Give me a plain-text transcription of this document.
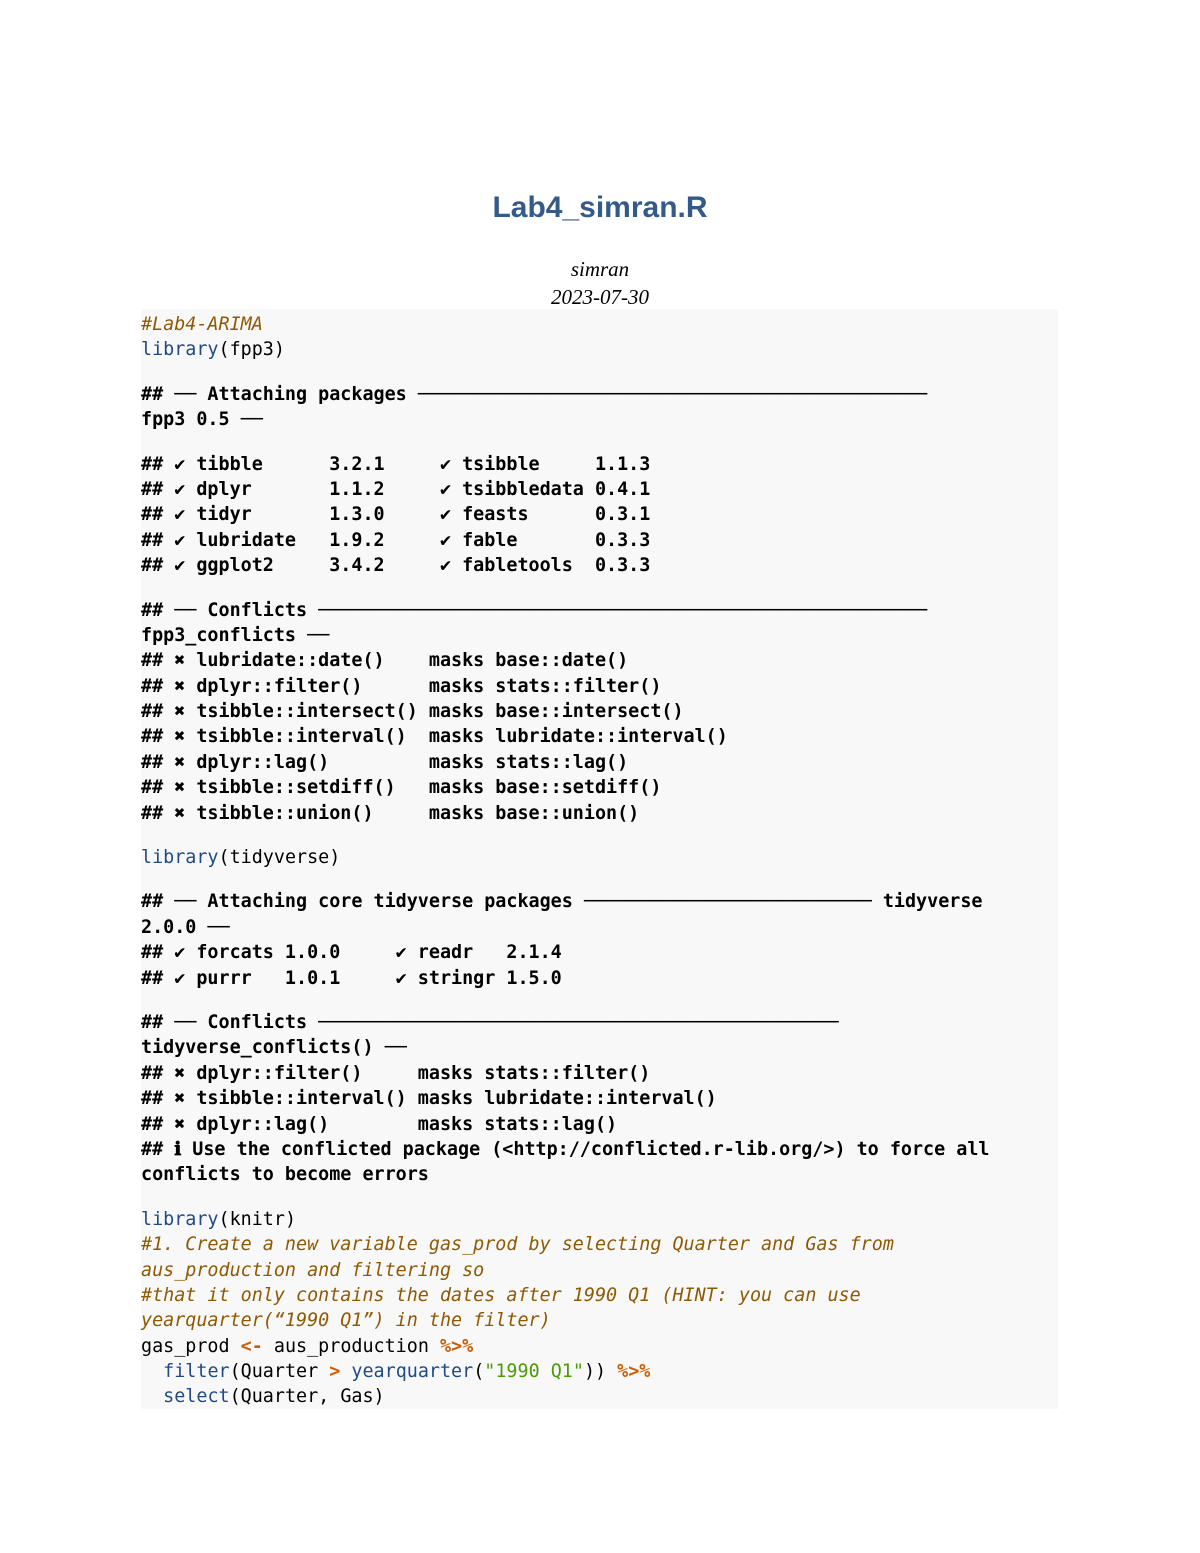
Lab4_simran.R

simran

2023-07-30

#Lab4-ARIMA
library(fpp3)
## ── Attaching packages ──────────────────────────────────────────────
fpp3 0.5 ──
## ✔ tibble      3.2.1     ✔ tsibble     1.1.3
## ✔ dplyr       1.1.2     ✔ tsibbledata 0.4.1
## ✔ tidyr       1.3.0     ✔ feasts      0.3.1
## ✔ lubridate   1.9.2     ✔ fable       0.3.3
## ✔ ggplot2     3.4.2     ✔ fabletools  0.3.3
## ── Conflicts ───────────────────────────────────────────────────────
fpp3_conflicts ──
## ✖ lubridate::date()    masks base::date()
## ✖ dplyr::filter()      masks stats::filter()
## ✖ tsibble::intersect() masks base::intersect()
## ✖ tsibble::interval()  masks lubridate::interval()
## ✖ dplyr::lag()         masks stats::lag()
## ✖ tsibble::setdiff()   masks base::setdiff()
## ✖ tsibble::union()     masks base::union()
library(tidyverse)
## ── Attaching core tidyverse packages ────────────────────────── tidyverse
2.0.0 ──
## ✔ forcats 1.0.0     ✔ readr   2.1.4
## ✔ purrr   1.0.1     ✔ stringr 1.5.0
## ── Conflicts ───────────────────────────────────────────────
tidyverse_conflicts() ──
## ✖ dplyr::filter()     masks stats::filter()
## ✖ tsibble::interval() masks lubridate::interval()
## ✖ dplyr::lag()        masks stats::lag()
## ℹ Use the conflicted package (<http://conflicted.r-lib.org/>) to force all
conflicts to become errors
library(knitr)
#1. Create a new variable gas_prod by selecting Quarter and Gas from
aus_production and filtering so
#that it only contains the dates after 1990 Q1 (HINT: you can use
yearquarter(“1990 Q1”) in the filter)
gas_prod <- aus_production %>%
filter(Quarter > yearquarter("1990 Q1")) %>%
select(Quarter, Gas)
